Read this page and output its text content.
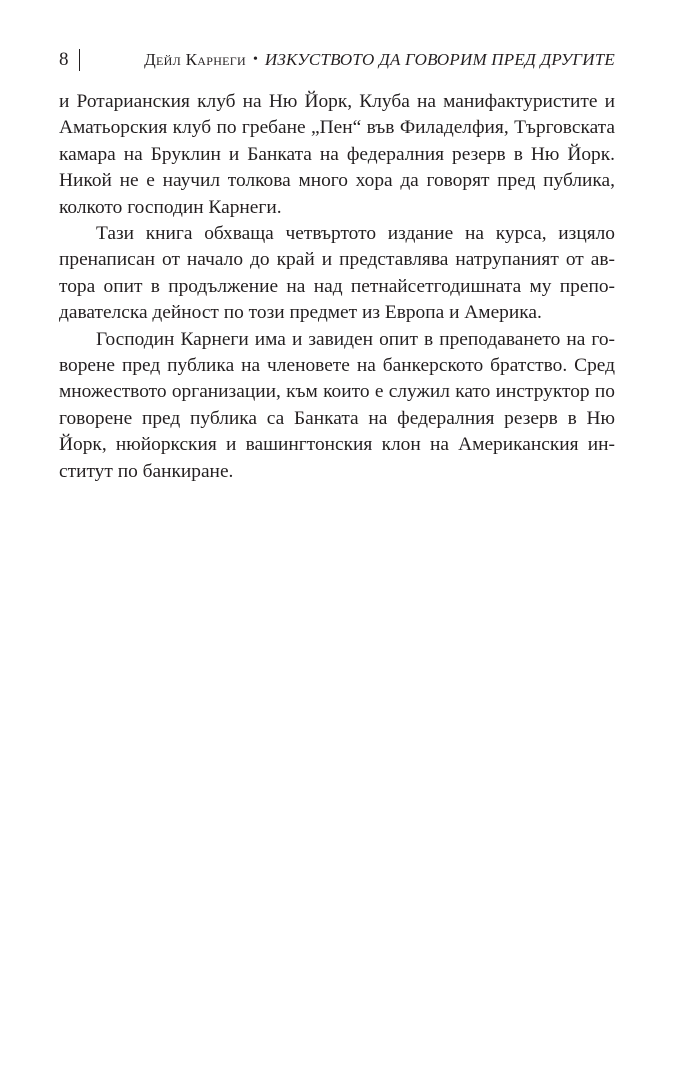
8	Дейл Карнеги • ИЗКУСТВОТО ДА ГОВОРИМ ПРЕД ДРУГИТЕ

и Ротарианския клуб на Ню Йорк, Клуба на манифактуристите и Аматьорския клуб по гребане „Пен“ във Филаделфия, Търговската камара на Бруклин и Банката на федералния резерв в Ню Йорк. Никой не е научил толкова много хора да говорят пред публика, колкото господин Карнеги.

Тази книга обхваща четвъртото издание на курса, изцяло пренаписан от начало до край и представлява натрупаният от автора опит в продължение на над петнайсетгодишната му преподавателска дейност по този предмет из Европа и Америка.

Господин Карнеги има и завиден опит в преподаването на говорене пред публика на членовете на банкерското братство. Сред множеството организации, към които е служил като инструктор по говорене пред публика са Банката на федералния резерв в Ню Йорк, нюйоркския и вашингтонския клон на Американския институт по банкиране.
